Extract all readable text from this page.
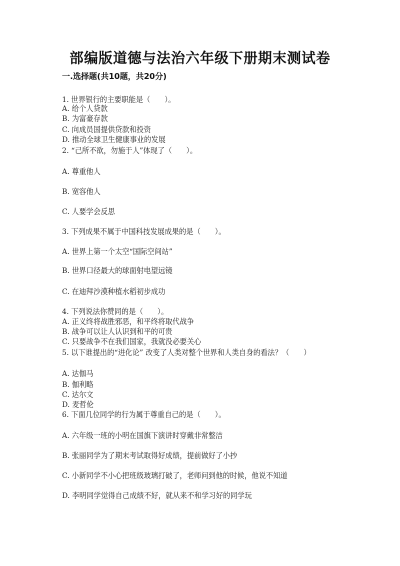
部编版道德与法治六年级下册期末测试卷
一.选择题(共10题，共20分)
1. 世界银行的主要职能是（　　）。
A. 给个人贷款
B. 为富豪存款
C. 向成员国提供贷款和投资
D. 推动全球卫生健康事业的发展
2. “己所不欲，勿施于人”体现了（　　）。
A. 尊重他人
B. 宽容他人
C. 人要学会反思
3. 下列成果不属于中国科技发展成果的是（　　）。
A. 世界上第一个太空“国际空间站”
B. 世界口径最大的球面射电望远镜
C. 在迪拜沙漠种植水稻初步成功
4. 下列说法你赞同的是（　　）。
A. 正义终将战胜邪恶，和平终将取代战争
B. 战争可以让人认识到和平的可贵
C. 只要战争不在我们国家，我就没必要关心
5. 以下谁提出的“进化论” 改变了人类对整个世界和人类自身的看法？（　　）
A. 达伽马
B. 伽利略
C. 达尔文
D. 麦哲伦
6. 下面几位同学的行为属于尊重自己的是（　　）。
A. 六年级一班的小明在国旗下演讲时穿戴非常整洁
B. 张丽同学为了期末考试取得好成绩，提前做好了小抄
C. 小新同学不小心把班级玻璃打破了，老师问到他的时候，他说不知道
D. 李明同学觉得自己成绩不好，就从来不和学习好的同学玩
